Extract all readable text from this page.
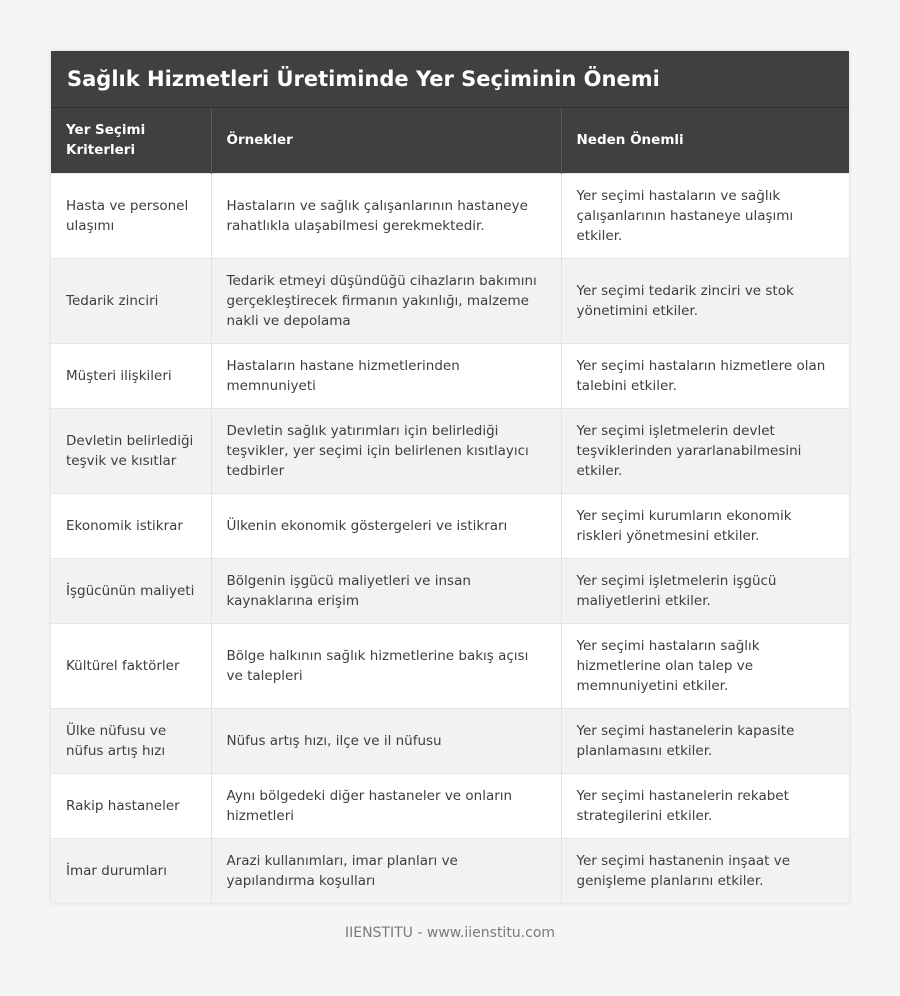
Sağlık Hizmetleri Üretiminde Yer Seçiminin Önemi
Yer Seçimi Kriterleri	Örnekler	Neden Önemli
Hasta ve personel ulaşımı	Hastaların ve sağlık çalışanlarının hastaneye rahatlıkla ulaşabilmesi gerekmektedir.	Yer seçimi hastaların ve sağlık çalışanlarının hastaneye ulaşımı etkiler.
Tedarik zinciri	Tedarik etmeyi düşündüğü cihazların bakımını gerçekleştirecek firmanın yakınlığı, malzeme nakli ve depolama	Yer seçimi tedarik zinciri ve stok yönetimini etkiler.
Müşteri ilişkileri	Hastaların hastane hizmetlerinden memnuniyeti	Yer seçimi hastaların hizmetlere olan talebini etkiler.
Devletin belirlediği teşvik ve kısıtlar	Devletin sağlık yatırımları için belirlediği teşvikler, yer seçimi için belirlenen kısıtlayıcı tedbirler	Yer seçimi işletmelerin devlet teşviklerinden yararlanabilmesini etkiler.
Ekonomik istikrar	Ülkenin ekonomik göstergeleri ve istikrarı	Yer seçimi kurumların ekonomik riskleri yönetmesini etkiler.
İşgücünün maliyeti	Bölgenin işgücü maliyetleri ve insan kaynaklarına erişim	Yer seçimi işletmelerin işgücü maliyetlerini etkiler.
Kültürel faktörler	Bölge halkının sağlık hizmetlerine bakış açısı ve talepleri	Yer seçimi hastaların sağlık hizmetlerine olan talep ve memnuniyetini etkiler.
Ülke nüfusu ve nüfus artış hızı	Nüfus artış hızı, ilçe ve il nüfusu	Yer seçimi hastanelerin kapasite planlamasını etkiler.
Rakip hastaneler	Aynı bölgedeki diğer hastaneler ve onların hizmetleri	Yer seçimi hastanelerin rekabet strategilerini etkiler.
İmar durumları	Arazi kullanımları, imar planları ve yapılandırma koşulları	Yer seçimi hastanenin inşaat ve genişleme planlarını etkiler.
IIENSTITU - www.iienstitu.com
